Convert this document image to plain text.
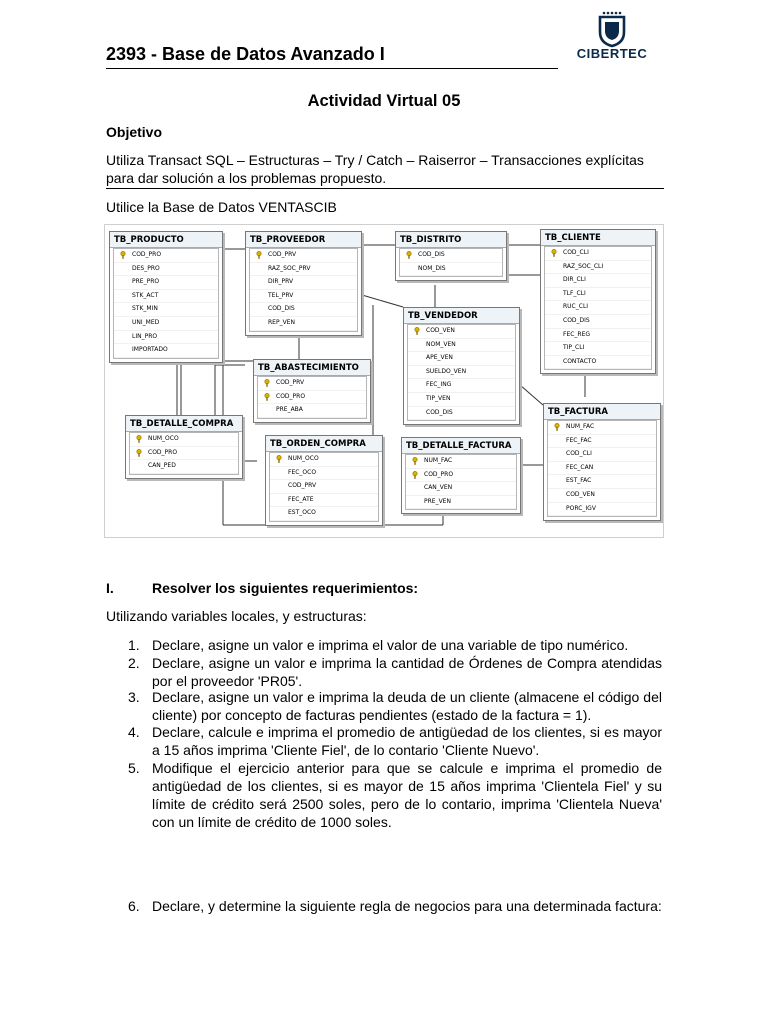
2393 - Base de Datos Avanzado I	CIBERTEC
Actividad Virtual 05
Objetivo
Utiliza Transact SQL – Estructuras – Try / Catch – Raiserror – Transacciones explícitas para dar solución a los problemas propuesto.
Utilice la Base de Datos VENTASCIB
TB_PRODUCTO
COD_PRO
DES_PRO
PRE_PRO
STK_ACT
STK_MIN
UNI_MED
LIN_PRO
IMPORTADO
TB_PROVEEDOR
COD_PRV
RAZ_SOC_PRV
DIR_PRV
TEL_PRV
COD_DIS
REP_VEN
TB_DISTRITO
COD_DIS
NOM_DIS
TB_CLIENTE
COD_CLI
RAZ_SOC_CLI
DIR_CLI
TLF_CLI
RUC_CLI
COD_DIS
FEC_REG
TIP_CLI
CONTACTO
TB_VENDEDOR
COD_VEN
NOM_VEN
APE_VEN
SUELDO_VEN
FEC_ING
TIP_VEN
COD_DIS
TB_ABASTECIMIENTO
COD_PRV
COD_PRO
PRE_ABA
TB_DETALLE_COMPRA
NUM_OCO
COD_PRO
CAN_PED
TB_ORDEN_COMPRA
NUM_OCO
FEC_OCO
COD_PRV
FEC_ATE
EST_OCO
TB_DETALLE_FACTURA
NUM_FAC
COD_PRO
CAN_VEN
PRE_VEN
TB_FACTURA
NUM_FAC
FEC_FAC
COD_CLI
FEC_CAN
EST_FAC
COD_VEN
PORC_IGV
I.	Resolver los siguientes requerimientos:
Utilizando variables locales, y estructuras:
1. Declare, asigne un valor e imprima el valor de una variable de tipo numérico.
2. Declare, asigne un valor e imprima la cantidad de Órdenes de Compra atendidas por el proveedor 'PR05'.
3. Declare, asigne un valor e imprima la deuda de un cliente (almacene el código del cliente) por concepto de facturas pendientes (estado de la factura = 1).
4. Declare, calcule e imprima el promedio de antigüedad de los clientes, si es mayor a 15 años imprima 'Cliente Fiel', de lo contario 'Cliente Nuevo'.
5. Modifique el ejercicio anterior para que se calcule e imprima el promedio de antigüedad de los clientes, si es mayor de 15 años imprima 'Clientela Fiel' y su límite de crédito será 2500 soles, pero de lo contario, imprima 'Clientela Nueva' con un límite de crédito de 1000 soles.
6. Declare, y determine la siguiente regla de negocios para una determinada factura:
